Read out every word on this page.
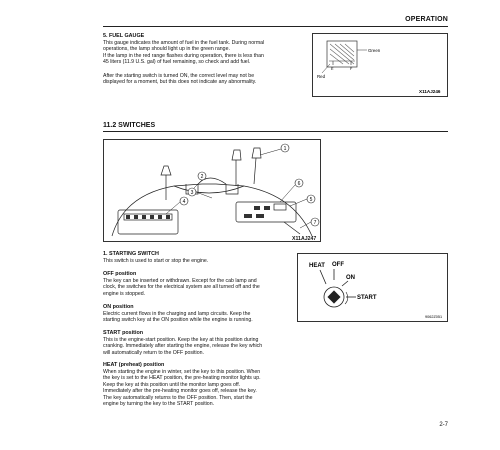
OPERATION
5. FUEL GAUGE

This gauge indicates the amount of fuel in the fuel tank. During normal

operations, the lamp should light up in the green range.

If the lamp in the red range flashes during operation, there is less than

45 liters (11.9 U.S. gal) of fuel remaining, so check and add fuel.

After the starting switch is turned ON, the correct level may not be

displayed for a moment, but this does not indicate any abnormality.

Green
Red
E	F
X11AJ246
11.2 SWITCHES
1
2
3
4	5
6
7
X11AJ247
1. STARTING SWITCH
This switch is used to start or stop the engine.
OFF position

The key can be inserted or withdrawn. Except for the cab lamp and

clock, the switches for the electrical system are all turned off and the

engine is stopped.

ON position

Electric current flows in the charging and lamp circuits. Keep the

starting switch key at the ON position while the engine is running.

START position

This is the engine-start position. Keep the key at this position during

cranking. Immediately after starting the engine, release the key which

will automatically return to the OFF position.

HEAT (preheat) position

When starting the engine in winter, set the key to this position. When

the key is set to the HEAT position, the pre-heating monitor lights up.

Keep the key at this position until the monitor lamp goes off.

Immediately after the pre-heating monitor goes off, release the key.

The key automatically returns to the OFF position. Then, start the

engine by turning the key to the START position.

HEAT OFF
ON
START
9062Z051
2-7
